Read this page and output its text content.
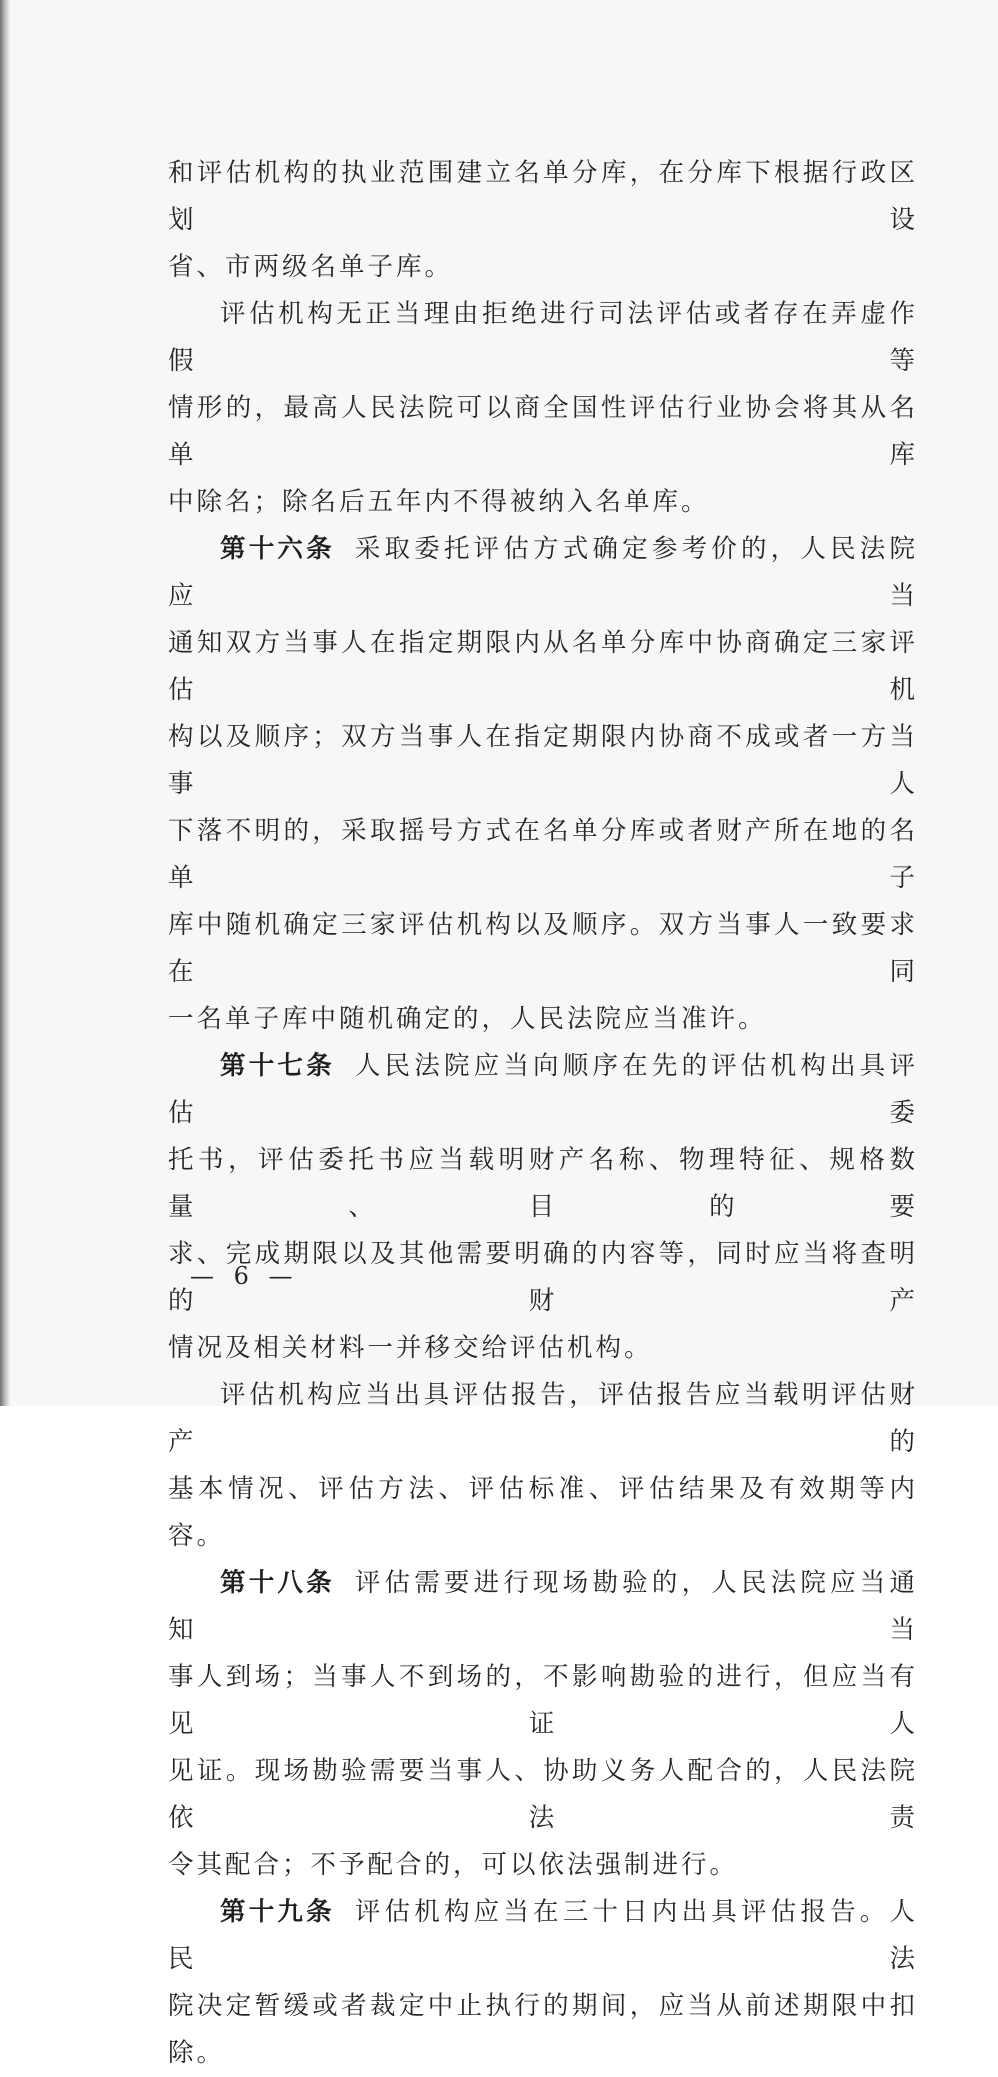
和评估机构的执业范围建立名单分库，在分库下根据行政区划设

省、市两级名单子库。

评估机构无正当理由拒绝进行司法评估或者存在弄虚作假等

情形的，最高人民法院可以商全国性评估行业协会将其从名单库

中除名；除名后五年内不得被纳入名单库。

第十六条 采取委托评估方式确定参考价的，人民法院应当

通知双方当事人在指定期限内从名单分库中协商确定三家评估机

构以及顺序；双方当事人在指定期限内协商不成或者一方当事人

下落不明的，采取摇号方式在名单分库或者财产所在地的名单子

库中随机确定三家评估机构以及顺序。双方当事人一致要求在同

一名单子库中随机确定的，人民法院应当准许。

第十七条 人民法院应当向顺序在先的评估机构出具评估委

托书，评估委托书应当载明财产名称、物理特征、规格数量、目的要

求、完成期限以及其他需要明确的内容等，同时应当将查明的财产

情况及相关材料一并移交给评估机构。

评估机构应当出具评估报告，评估报告应当载明评估财产的

基本情况、评估方法、评估标准、评估结果及有效期等内容。

第十八条 评估需要进行现场勘验的，人民法院应当通知当

事人到场；当事人不到场的，不影响勘验的进行，但应当有见证人

见证。现场勘验需要当事人、协助义务人配合的，人民法院依法责

令其配合；不予配合的，可以依法强制进行。

第十九条 评估机构应当在三十日内出具评估报告。人民法

院决定暂缓或者裁定中止执行的期间，应当从前述期限中扣除。

— 6 —
